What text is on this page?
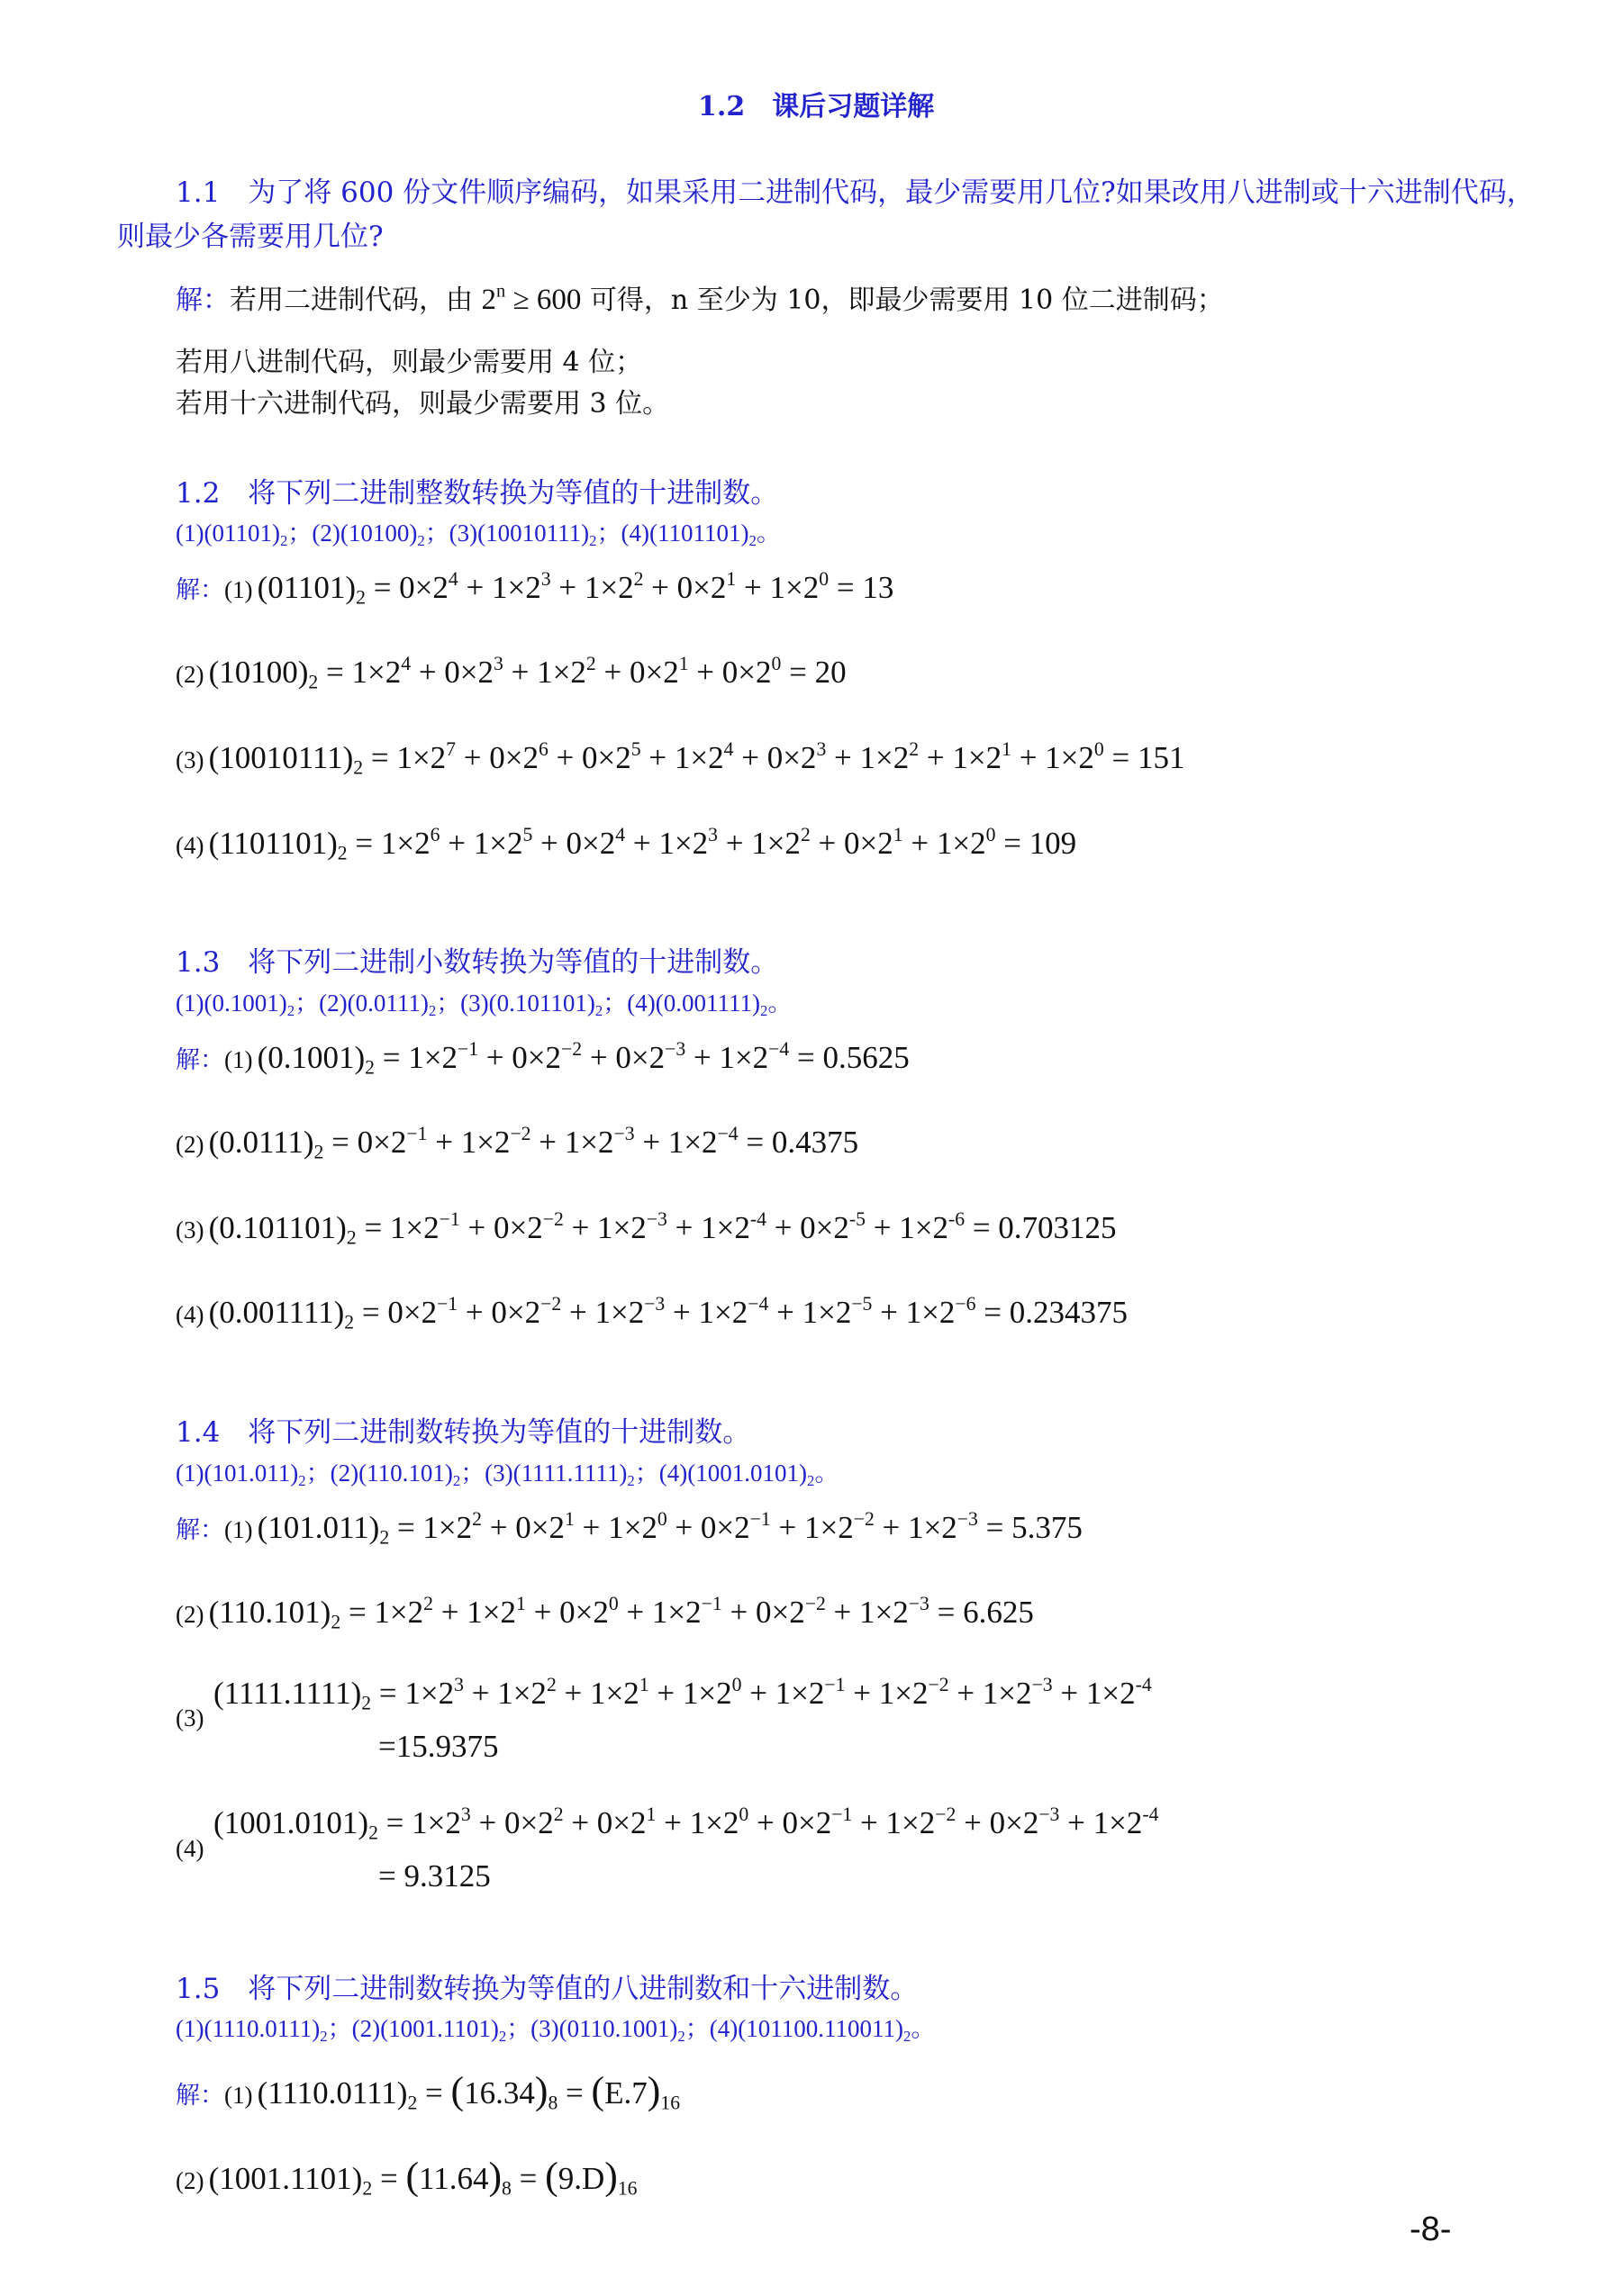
1.2　课后习题详解
1.1　为了将 600 份文件顺序编码，如果采用二进制代码，最少需要用几位?如果改用八进制或十六进制代码，
则最少各需要用几位?
解：若用二进制代码，由 $2^n \ge 600$ 可得，n 至少为 10，即最少需要用 10 位二进制码；
若用八进制代码，则最少需要用 4 位；
若用十六进制代码，则最少需要用 3 位。
1.2　将下列二进制整数转换为等值的十进制数。
$(1)(01101)_2$；$(2)(10100)_2$；$(3)(10010111)_2$；$(4)(1101101)_2$。
解：(1) $(01101)_2 = 0\times 2^4 + 1\times 2^3 + 1\times 2^2 + 0\times 2^1 + 1\times 2^0 = 13$
(2) $(10100)_2 = 1\times 2^4 + 0\times 2^3 + 1\times 2^2 + 0\times 2^1 + 0\times 2^0 = 20$
(3) $(10010111)_2 = 1\times 2^7 + 0\times 2^6 + 0\times 2^5 + 1\times 2^4 + 0\times 2^3 + 1\times 2^2 + 1\times 2^1 + 1\times 2^0 = 151$
(4) $(1101101)_2 = 1\times 2^6 + 1\times 2^5 + 0\times 2^4 + 1\times 2^3 + 1\times 2^2 + 0\times 2^1 + 1\times 2^0 = 109$
1.3　将下列二进制小数转换为等值的十进制数。
$(1)(0.1001)_2$；$(2)(0.0111)_2$；$(3)(0.101101)_2$；$(4)(0.001111)_2$。
解：(1) $(0.1001)_2 = 1\times 2^{-1} + 0\times 2^{-2} + 0\times 2^{-3} + 1\times 2^{-4} = 0.5625$
(2) $(0.0111)_2 = 0\times 2^{-1} + 1\times 2^{-2} + 1\times 2^{-3} + 1\times 2^{-4} = 0.4375$
(3) $(0.101101)_2 = 1\times 2^{-1} + 0\times 2^{-2} + 1\times 2^{-3} + 1\times 2^{-4} + 0\times 2^{-5} + 1\times 2^{-6} = 0.703125$
(4) $(0.001111)_2 = 0\times 2^{-1} + 0\times 2^{-2} + 1\times 2^{-3} + 1\times 2^{-4} + 1\times 2^{-5} + 1\times 2^{-6} = 0.234375$
1.4　将下列二进制数转换为等值的十进制数。
$(1)(101.011)_2$；$(2)(110.101)_2$；$(3)(1111.1111)_2$；$(4)(1001.0101)_2$。
解：(1) $(101.011)_2 = 1\times 2^2 + 0\times 2^1 + 1\times 2^0 + 0\times 2^{-1} + 1\times 2^{-2} + 1\times 2^{-3} = 5.375$
(2) $(110.101)_2 = 1\times 2^2 + 1\times 2^1 + 0\times 2^0 + 1\times 2^{-1} + 0\times 2^{-2} + 1\times 2^{-3} = 6.625$
(3)
$(1111.1111)_2 = 1\times 2^3 + 1\times 2^2 + 1\times 2^1 + 1\times 2^0 + 1\times 2^{-1} + 1\times 2^{-2} + 1\times 2^{-3} + 1\times 2^{-4}$
=15.9375
(4)
$(1001.0101)_2 = 1\times 2^3 + 0\times 2^2 + 0\times 2^1 + 1\times 2^0 + 0\times 2^{-1} + 1\times 2^{-2} + 0\times 2^{-3} + 1\times 2^{-4}$
= 9.3125
1.5　将下列二进制数转换为等值的八进制数和十六进制数。
$(1)(1110.0111)_2$；$(2)(1001.1101)_2$；$(3)(0110.1001)_2$；$(4)(101100.110011)_2$。
解：(1) $(1110.0111)_2 = (16.34)_8 = (E.7)_{16}$
(2) $(1001.1101)_2 = (11.64)_8 = (9.D)_{16}$
-8-
